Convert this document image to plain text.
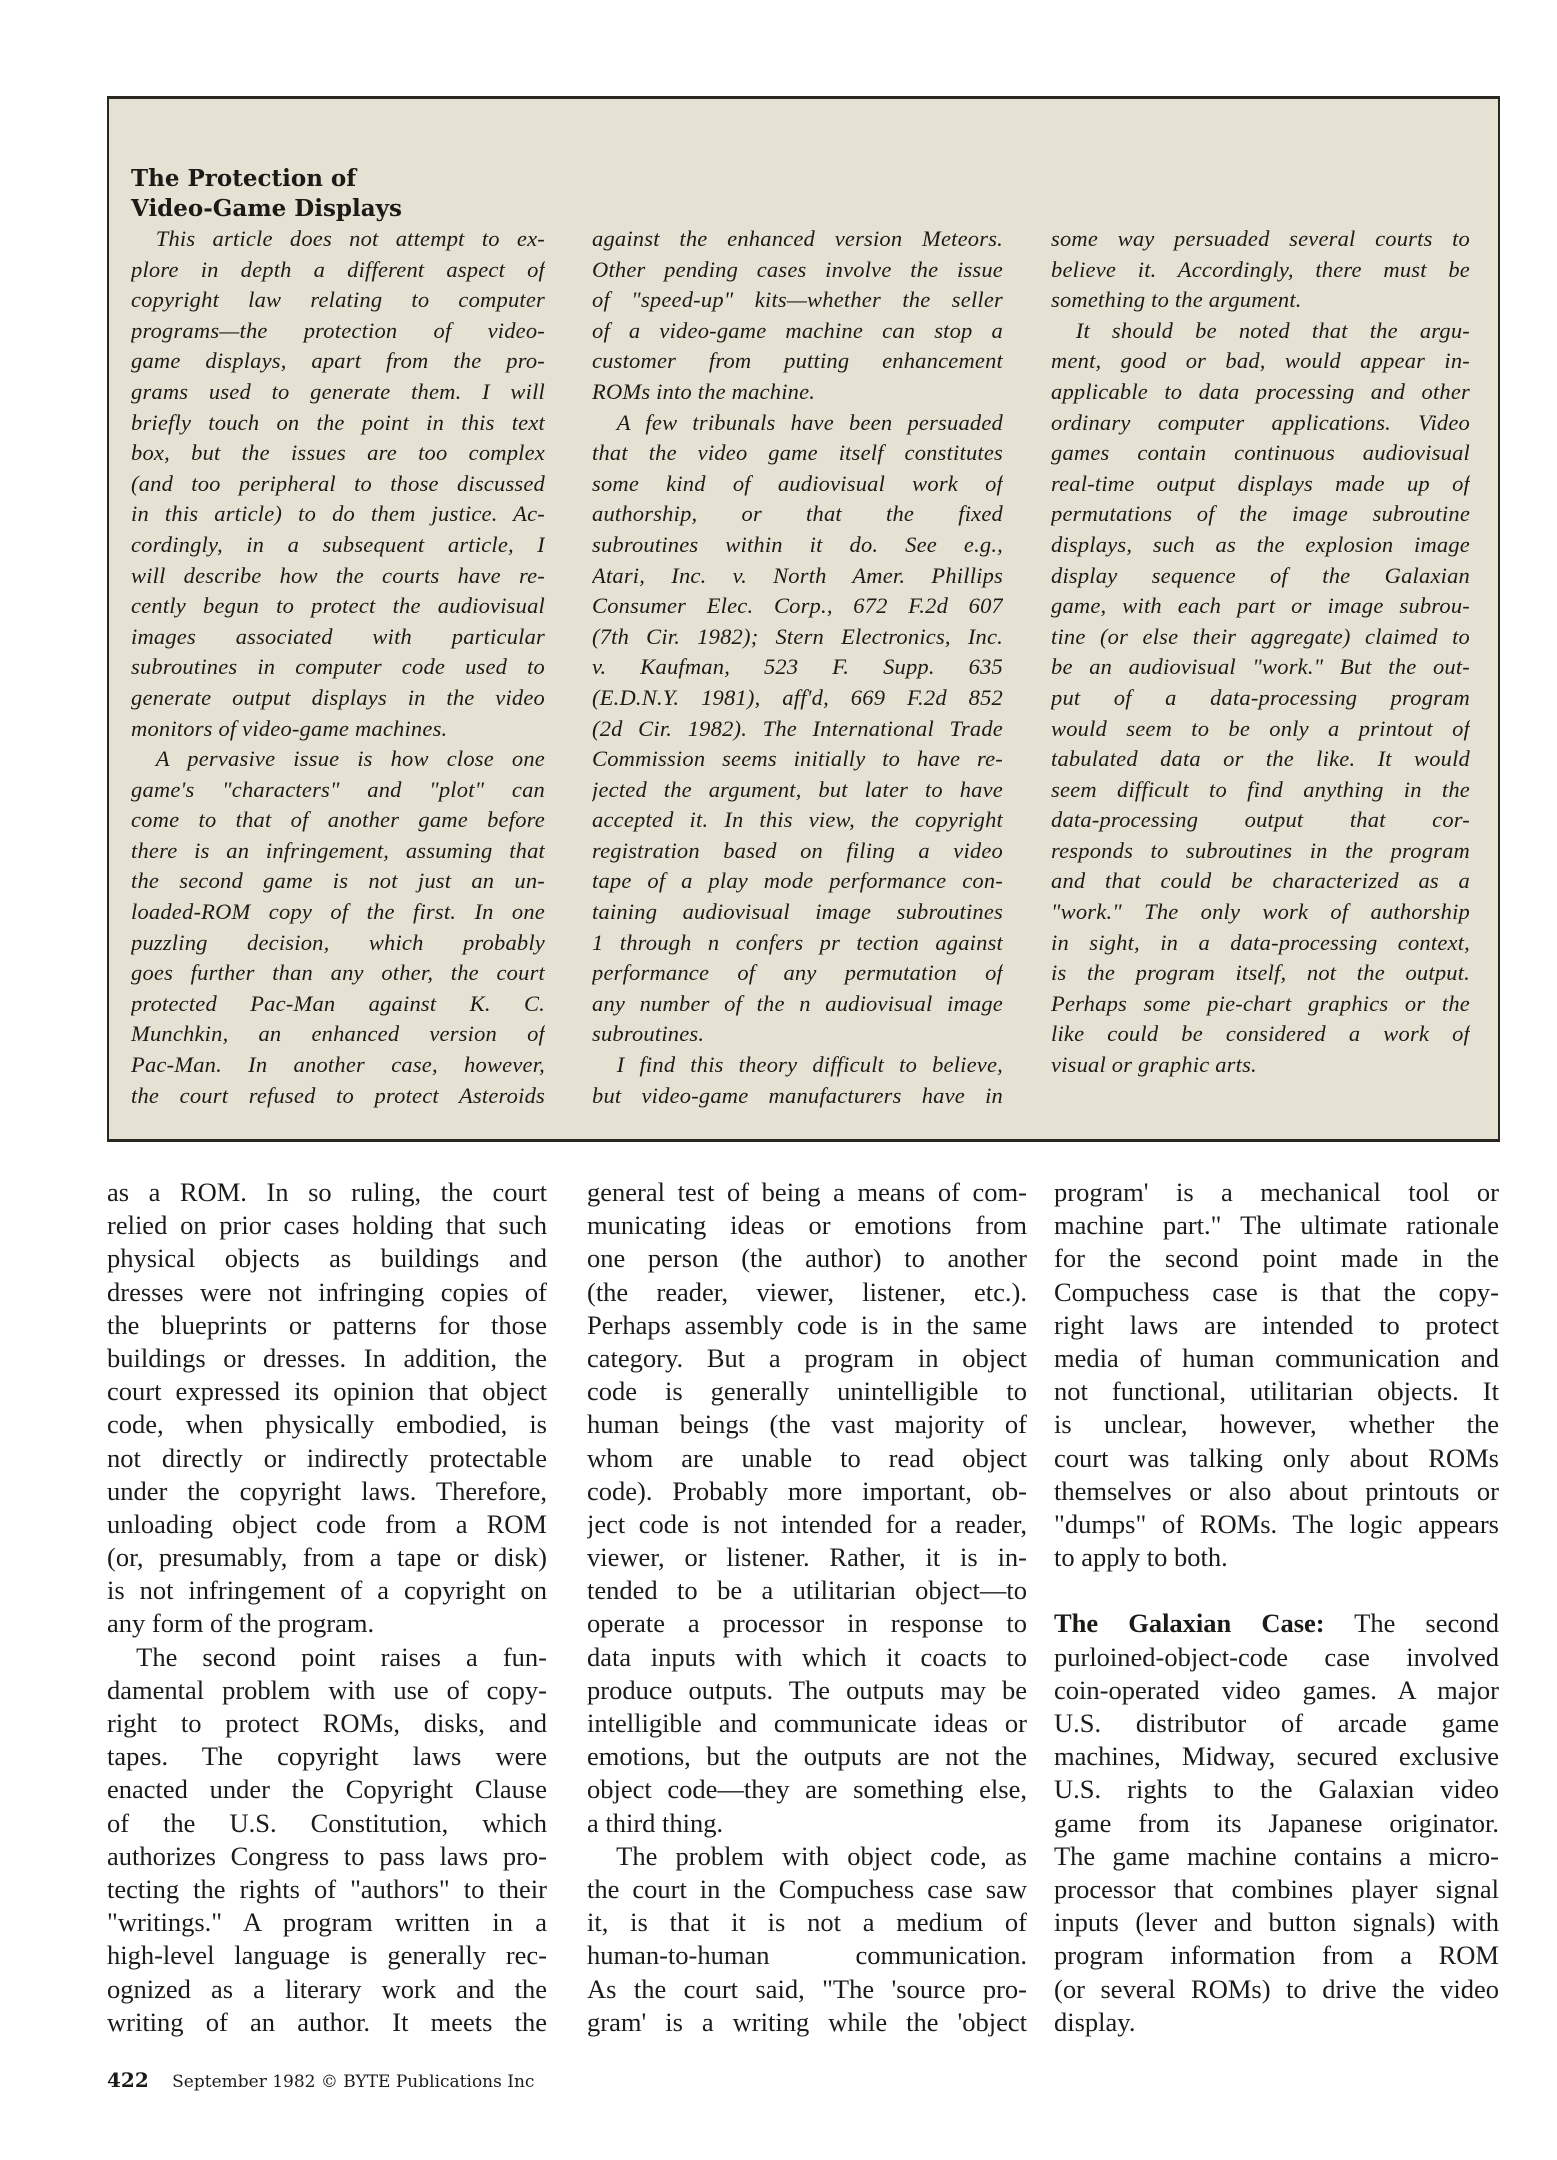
The Protection of
Video-Game Displays
This article does not attempt to ex-
plore in depth a different aspect of
copyright law relating to computer
programs—the protection of video-
game displays, apart from the pro-
grams used to generate them. I will
briefly touch on the point in this text
box, but the issues are too complex
(and too peripheral to those discussed
in this article) to do them justice. Ac-
cordingly, in a subsequent article, I
will describe how the courts have re-
cently begun to protect the audiovisual
images associated with particular
subroutines in computer code used to
generate output displays in the video
monitors of video-game machines.
A pervasive issue is how close one
game's "characters" and "plot" can
come to that of another game before
there is an infringement, assuming that
the second game is not just an un-
loaded-ROM copy of the first. In one
puzzling decision, which probably
goes further than any other, the court
protected Pac-Man against K. C.
Munchkin, an enhanced version of
Pac-Man. In another case, however,
the court refused to protect Asteroids
against the enhanced version Meteors.
Other pending cases involve the issue
of "speed-up" kits—whether the seller
of a video-game machine can stop a
customer from putting enhancement
ROMs into the machine.
A few tribunals have been persuaded
that the video game itself constitutes
some kind of audiovisual work of
authorship, or that the fixed
subroutines within it do. See e.g.,
Atari, Inc. v. North Amer. Phillips
Consumer Elec. Corp., 672 F.2d 607
(7th Cir. 1982); Stern Electronics, Inc.
v. Kaufman, 523 F. Supp. 635
(E.D.N.Y. 1981), aff'd, 669 F.2d 852
(2d Cir. 1982). The International Trade
Commission seems initially to have re-
jected the argument, but later to have
accepted it. In this view, the copyright
registration based on filing a video
tape of a play mode performance con-
taining audiovisual image subroutines
1 through n confers pr tection against
performance of any permutation of
any number of the n audiovisual image
subroutines.
I find this theory difficult to believe,
but video-game manufacturers have in
some way persuaded several courts to
believe it. Accordingly, there must be
something to the argument.
It should be noted that the argu-
ment, good or bad, would appear in-
applicable to data processing and other
ordinary computer applications. Video
games contain continuous audiovisual
real-time output displays made up of
permutations of the image subroutine
displays, such as the explosion image
display sequence of the Galaxian
game, with each part or image subrou-
tine (or else their aggregate) claimed to
be an audiovisual "work." But the out-
put of a data-processing program
would seem to be only a printout of
tabulated data or the like. It would
seem difficult to find anything in the
data-processing output that cor-
responds to subroutines in the program
and that could be characterized as a
"work." The only work of authorship
in sight, in a data-processing context,
is the program itself, not the output.
Perhaps some pie-chart graphics or the
like could be considered a work of
visual or graphic arts.
as a ROM. In so ruling, the court
relied on prior cases holding that such
physical objects as buildings and
dresses were not infringing copies of
the blueprints or patterns for those
buildings or dresses. In addition, the
court expressed its opinion that object
code, when physically embodied, is
not directly or indirectly protectable
under the copyright laws. Therefore,
unloading object code from a ROM
(or, presumably, from a tape or disk)
is not infringement of a copyright on
any form of the program.
The second point raises a fun-
damental problem with use of copy-
right to protect ROMs, disks, and
tapes. The copyright laws were
enacted under the Copyright Clause
of the U.S. Constitution, which
authorizes Congress to pass laws pro-
tecting the rights of "authors" to their
"writings." A program written in a
high-level language is generally rec-
ognized as a literary work and the
writing of an author. It meets the
general test of being a means of com-
municating ideas or emotions from
one person (the author) to another
(the reader, viewer, listener, etc.).
Perhaps assembly code is in the same
category. But a program in object
code is generally unintelligible to
human beings (the vast majority of
whom are unable to read object
code). Probably more important, ob-
ject code is not intended for a reader,
viewer, or listener. Rather, it is in-
tended to be a utilitarian object—to
operate a processor in response to
data inputs with which it coacts to
produce outputs. The outputs may be
intelligible and communicate ideas or
emotions, but the outputs are not the
object code—they are something else,
a third thing.
The problem with object code, as
the court in the Compuchess case saw
it, is that it is not a medium of
human-to-human communication.
As the court said, "The 'source pro-
gram' is a writing while the 'object
program' is a mechanical tool or
machine part." The ultimate rationale
for the second point made in the
Compuchess case is that the copy-
right laws are intended to protect
media of human communication and
not functional, utilitarian objects. It
is unclear, however, whether the
court was talking only about ROMs
themselves or also about printouts or
"dumps" of ROMs. The logic appears
to apply to both.
The Galaxian Case: The second
purloined-object-code case involved
coin-operated video games. A major
U.S. distributor of arcade game
machines, Midway, secured exclusive
U.S. rights to the Galaxian video
game from its Japanese originator.
The game machine contains a micro-
processor that combines player signal
inputs (lever and button signals) with
program information from a ROM
(or several ROMs) to drive the video
display.
422 September 1982 © BYTE Publications Inc
